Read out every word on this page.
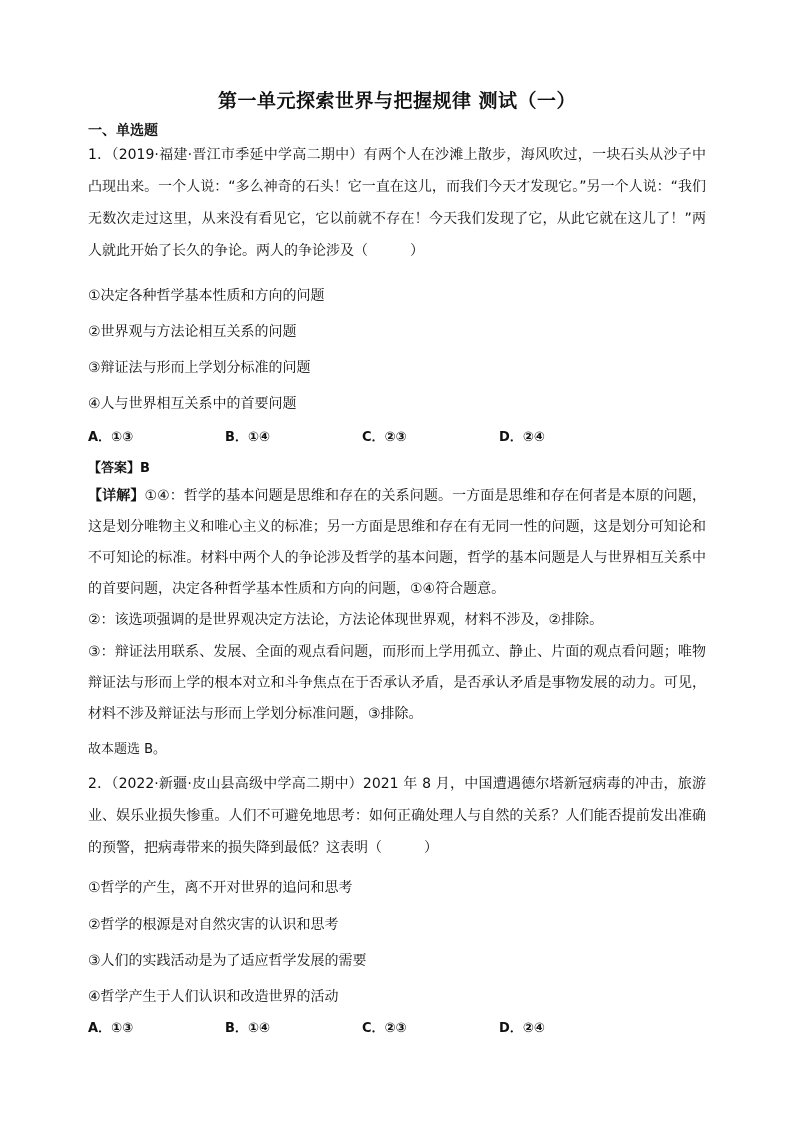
第一单元探索世界与把握规律 测试（一）
一、单选题
1．（2019·福建·晋江市季延中学高二期中）有两个人在沙滩上散步，海风吹过，一块石头从沙子中凸现出来。一个人说：“多么神奇的石头！它一直在这儿，而我们今天才发现它。”另一个人说：“我们无数次走过这里，从来没有看见它，它以前就不存在！今天我们发现了它，从此它就在这儿了！”两人就此开始了长久的争论。两人的争论涉及（　　　）
①决定各种哲学基本性质和方向的问题
②世界观与方法论相互关系的问题
③辩证法与形而上学划分标准的问题
④人与世界相互关系中的首要问题
A．①③	B．①④	C．②③	D．②④
【答案】B
【详解】①④：哲学的基本问题是思维和存在的关系问题。一方面是思维和存在何者是本原的问题，这是划分唯物主义和唯心主义的标准；另一方面是思维和存在有无同一性的问题，这是划分可知论和不可知论的标准。材料中两个人的争论涉及哲学的基本问题，哲学的基本问题是人与世界相互关系中的首要问题，决定各种哲学基本性质和方向的问题，①④符合题意。
②：该选项强调的是世界观决定方法论，方法论体现世界观，材料不涉及，②排除。
③：辩证法用联系、发展、全面的观点看问题，而形而上学用孤立、静止、片面的观点看问题；唯物辩证法与形而上学的根本对立和斗争焦点在于否承认矛盾，是否承认矛盾是事物发展的动力。可见，材料不涉及辩证法与形而上学划分标准问题，③排除。
故本题选 B。
2．（2022·新疆·皮山县高级中学高二期中）2021 年 8 月，中国遭遇德尔塔新冠病毒的冲击，旅游业、娱乐业损失惨重。人们不可避免地思考：如何正确处理人与自然的关系？人们能否提前发出准确的预警，把病毒带来的损失降到最低？这表明（　　　）
①哲学的产生，离不开对世界的追问和思考
②哲学的根源是对自然灾害的认识和思考
③人们的实践活动是为了适应哲学发展的需要
④哲学产生于人们认识和改造世界的活动
A．①③	B．①④	C．②③	D．②④
